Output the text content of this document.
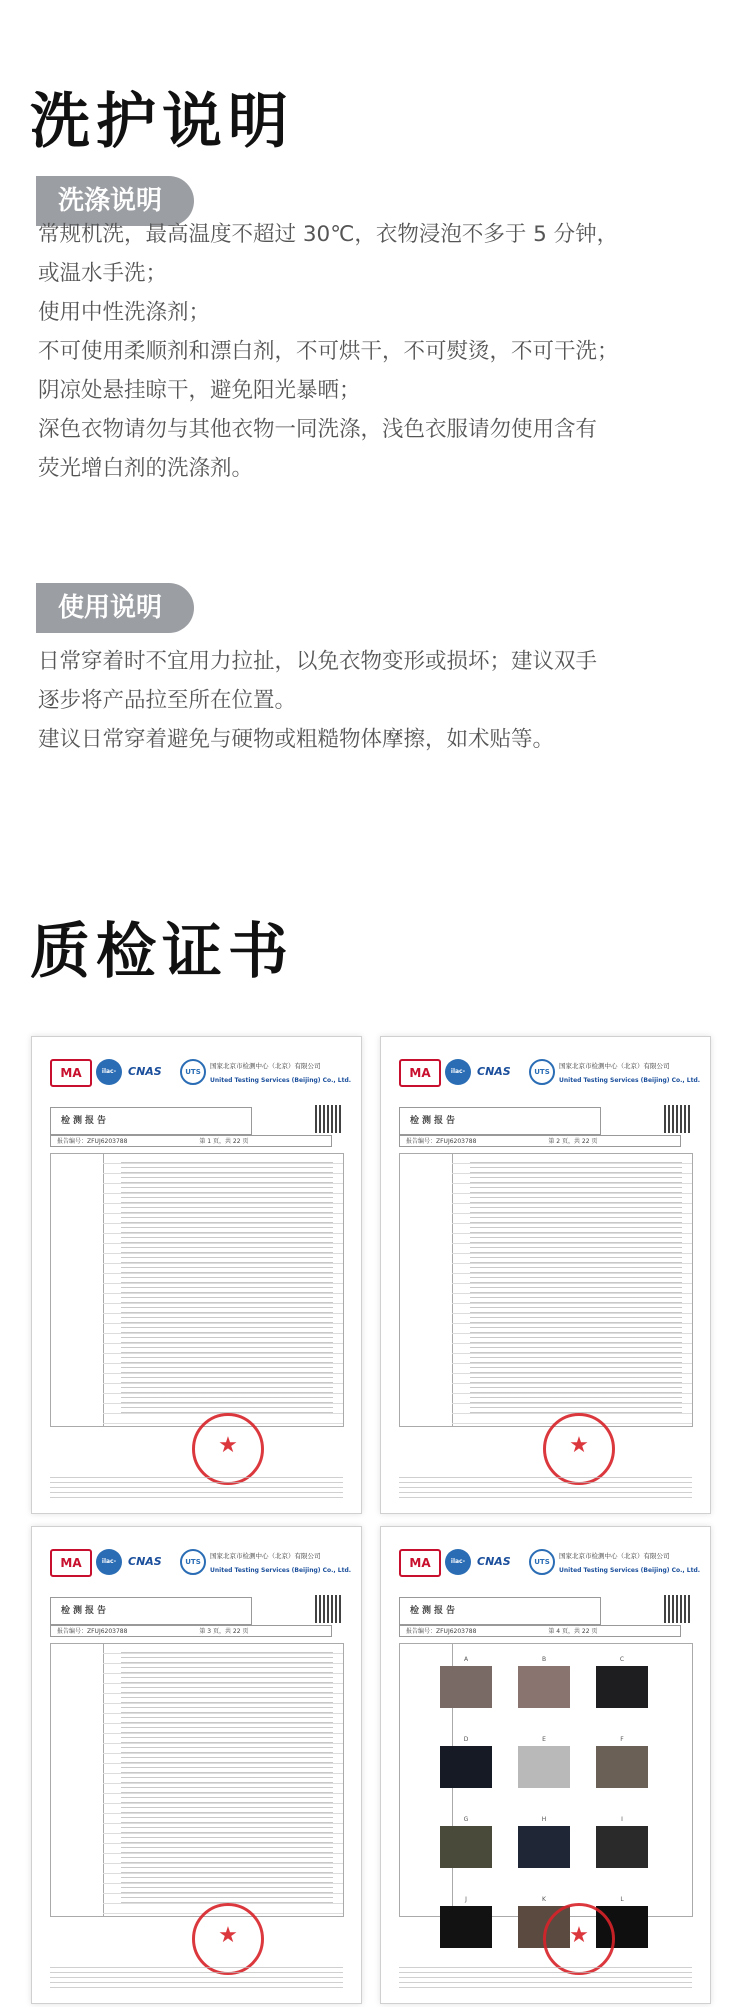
洗护说明
洗涤说明
常规机洗，最高温度不超过 30℃，衣物浸泡不多于 5 分钟，
或温水手洗；
使用中性洗涤剂；
不可使用柔顺剂和漂白剂，不可烘干，不可熨烫，不可干洗；
阴凉处悬挂晾干，避免阳光暴晒；
深色衣物请勿与其他衣物一同洗涤，浅色衣服请勿使用含有
荧光增白剂的洗涤剂。
使用说明
日常穿着时不宜用力拉扯，以免衣物变形或损坏；建议双手
逐步将产品拉至所在位置。
建议日常穿着避免与硬物或粗糙物体摩擦，如术贴等。
质检证书
MA	ilac-MRA
CNAS	UTS
国家北京市检测中心（北京）有限公司
United Testing Services (Beijing) Co., Ltd.
检测报告
报告编号：ZFUJ6203788	第 1 页，共 22 页
★
MA	ilac-MRA
CNAS	UTS
国家北京市检测中心（北京）有限公司
United Testing Services (Beijing) Co., Ltd.
检测报告
报告编号：ZFUJ6203788	第 2 页，共 22 页
★
MA	ilac-MRA
CNAS	UTS
国家北京市检测中心（北京）有限公司
United Testing Services (Beijing) Co., Ltd.
检测报告
报告编号：ZFUJ6203788	第 3 页，共 22 页
★
MA	ilac-MRA
CNAS	UTS
国家北京市检测中心（北京）有限公司
United Testing Services (Beijing) Co., Ltd.
检测报告
报告编号：ZFUJ6203788	第 4 页，共 22 页
A	B	C
D	E	F
G	H	I
J	K	L
★
